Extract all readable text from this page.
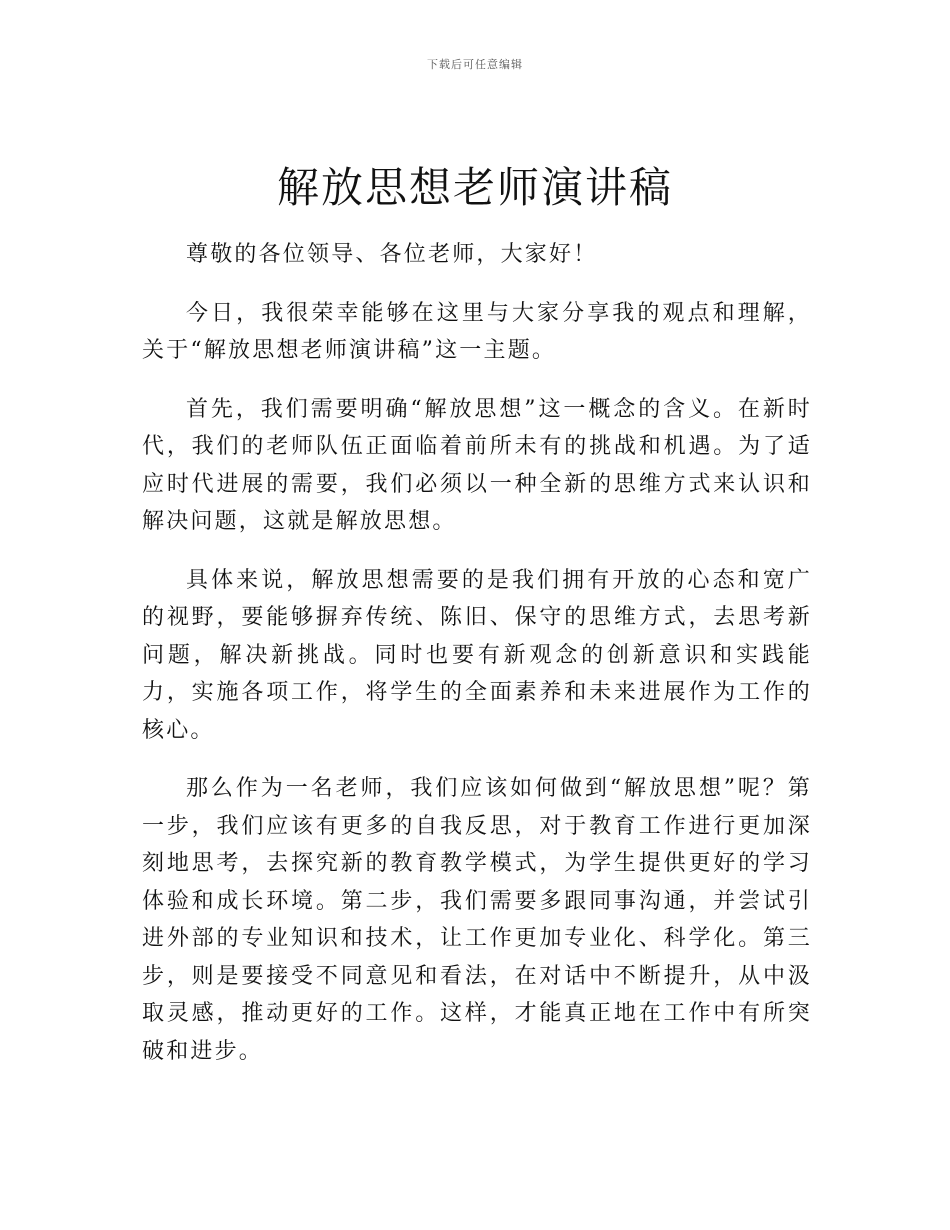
下载后可任意编辑
解放思想老师演讲稿

尊敬的各位领导、各位老师，大家好！

今日，我很荣幸能够在这里与大家分享我的观点和理解，关于“解放思想老师演讲稿”这一主题。

首先，我们需要明确“解放思想”这一概念的含义。在新时代，我们的老师队伍正面临着前所未有的挑战和机遇。为了适应时代进展的需要，我们必须以一种全新的思维方式来认识和解决问题，这就是解放思想。

具体来说，解放思想需要的是我们拥有开放的心态和宽广的视野，要能够摒弃传统、陈旧、保守的思维方式，去思考新问题，解决新挑战。同时也要有新观念的创新意识和实践能力，实施各项工作，将学生的全面素养和未来进展作为工作的核心。

那么作为一名老师，我们应该如何做到“解放思想”呢？第一步，我们应该有更多的自我反思，对于教育工作进行更加深刻地思考，去探究新的教育教学模式，为学生提供更好的学习体验和成长环境。第二步，我们需要多跟同事沟通，并尝试引进外部的专业知识和技术，让工作更加专业化、科学化。第三步，则是要接受不同意见和看法，在对话中不断提升，从中汲取灵感，推动更好的工作。这样，才能真正地在工作中有所突破和进步。
